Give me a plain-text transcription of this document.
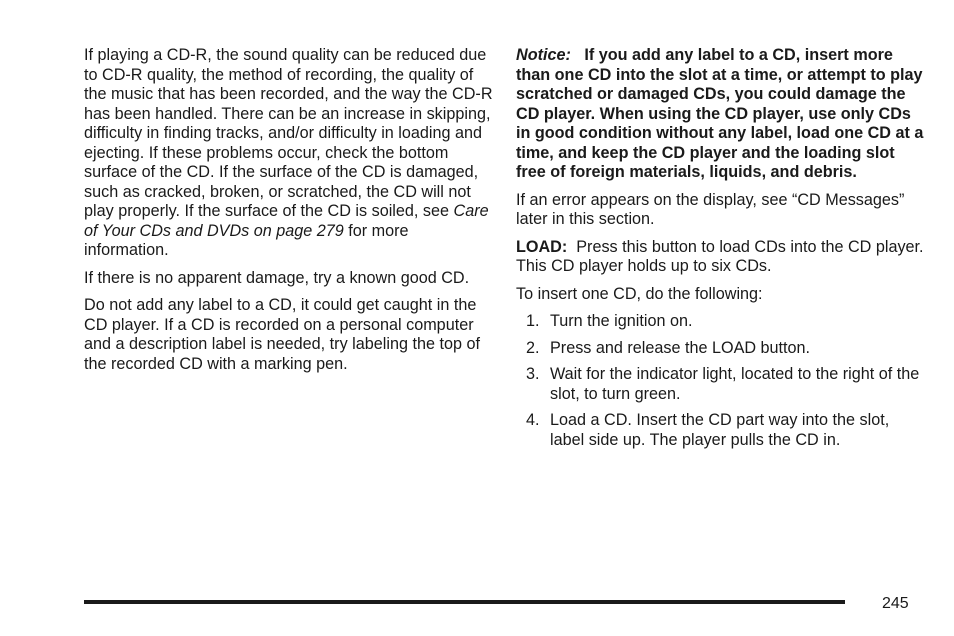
If playing a CD-R, the sound quality can be reduced due to CD-R quality, the method of recording, the quality of the music that has been recorded, and the way the CD-R has been handled. There can be an increase in skipping, difficulty in finding tracks, and/or difficulty in loading and ejecting. If these problems occur, check the bottom surface of the CD. If the surface of the CD is damaged, such as cracked, broken, or scratched, the CD will not play properly. If the surface of the CD is soiled, see Care of Your CDs and DVDs on page 279 for more information.

If there is no apparent damage, try a known good CD.

Do not add any label to a CD, it could get caught in the CD player. If a CD is recorded on a personal computer and a description label is needed, try labeling the top of the recorded CD with a marking pen.

Notice: If you add any label to a CD, insert more than one CD into the slot at a time, or attempt to play scratched or damaged CDs, you could damage the CD player. When using the CD player, use only CDs in good condition without any label, load one CD at a time, and keep the CD player and the loading slot free of foreign materials, liquids, and debris.

If an error appears on the display, see “CD Messages” later in this section.

LOAD: Press this button to load CDs into the CD player. This CD player holds up to six CDs.

To insert one CD, do the following:

1. Turn the ignition on.
2. Press and release the LOAD button.
3. Wait for the indicator light, located to the right of the slot, to turn green.
4. Load a CD. Insert the CD part way into the slot, label side up. The player pulls the CD in.
245
